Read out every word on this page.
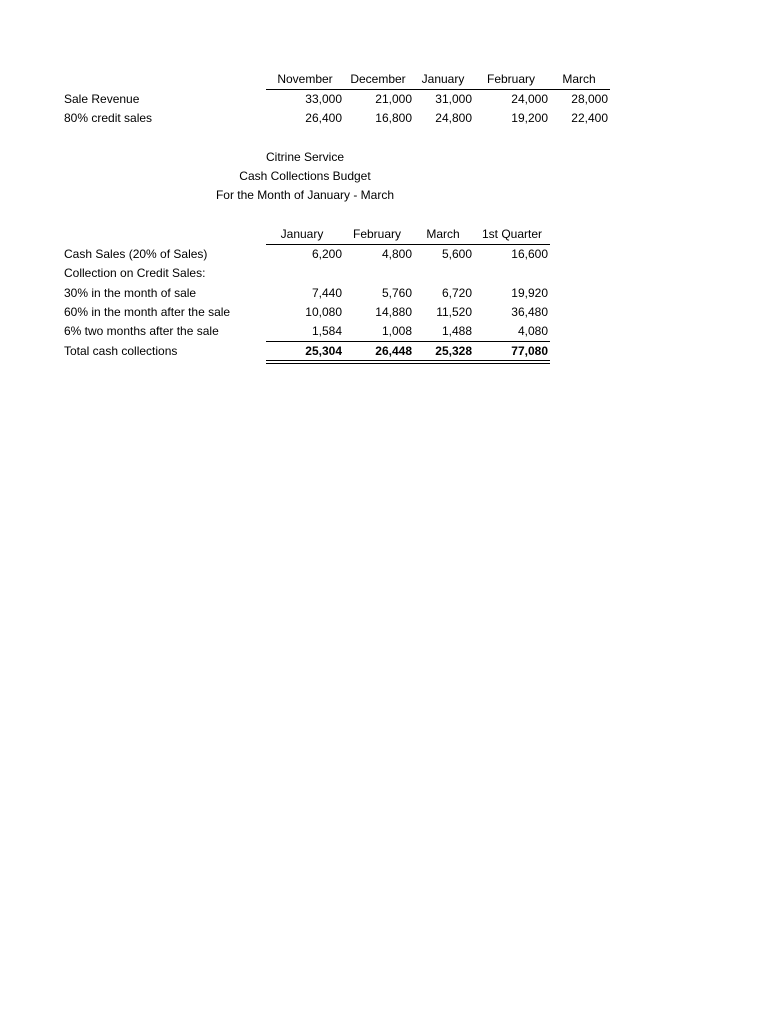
November	December	January	February	March
Sale Revenue	33,000	21,000	31,000	24,000	28,000
80% credit sales	26,400	16,800	24,800	19,200	22,400
Citrine Service
Cash Collections Budget
For the Month of January - March
January	February	March	1st Quarter
Cash Sales (20% of Sales)	6,200	4,800	5,600	16,600
Collection on Credit Sales:
30% in the month of sale	7,440	5,760	6,720	19,920
60% in the month after the sale	10,080	14,880	11,520	36,480
6% two months after the sale	1,584	1,008	1,488	4,080
Total cash collections	25,304	26,448	25,328	77,080
